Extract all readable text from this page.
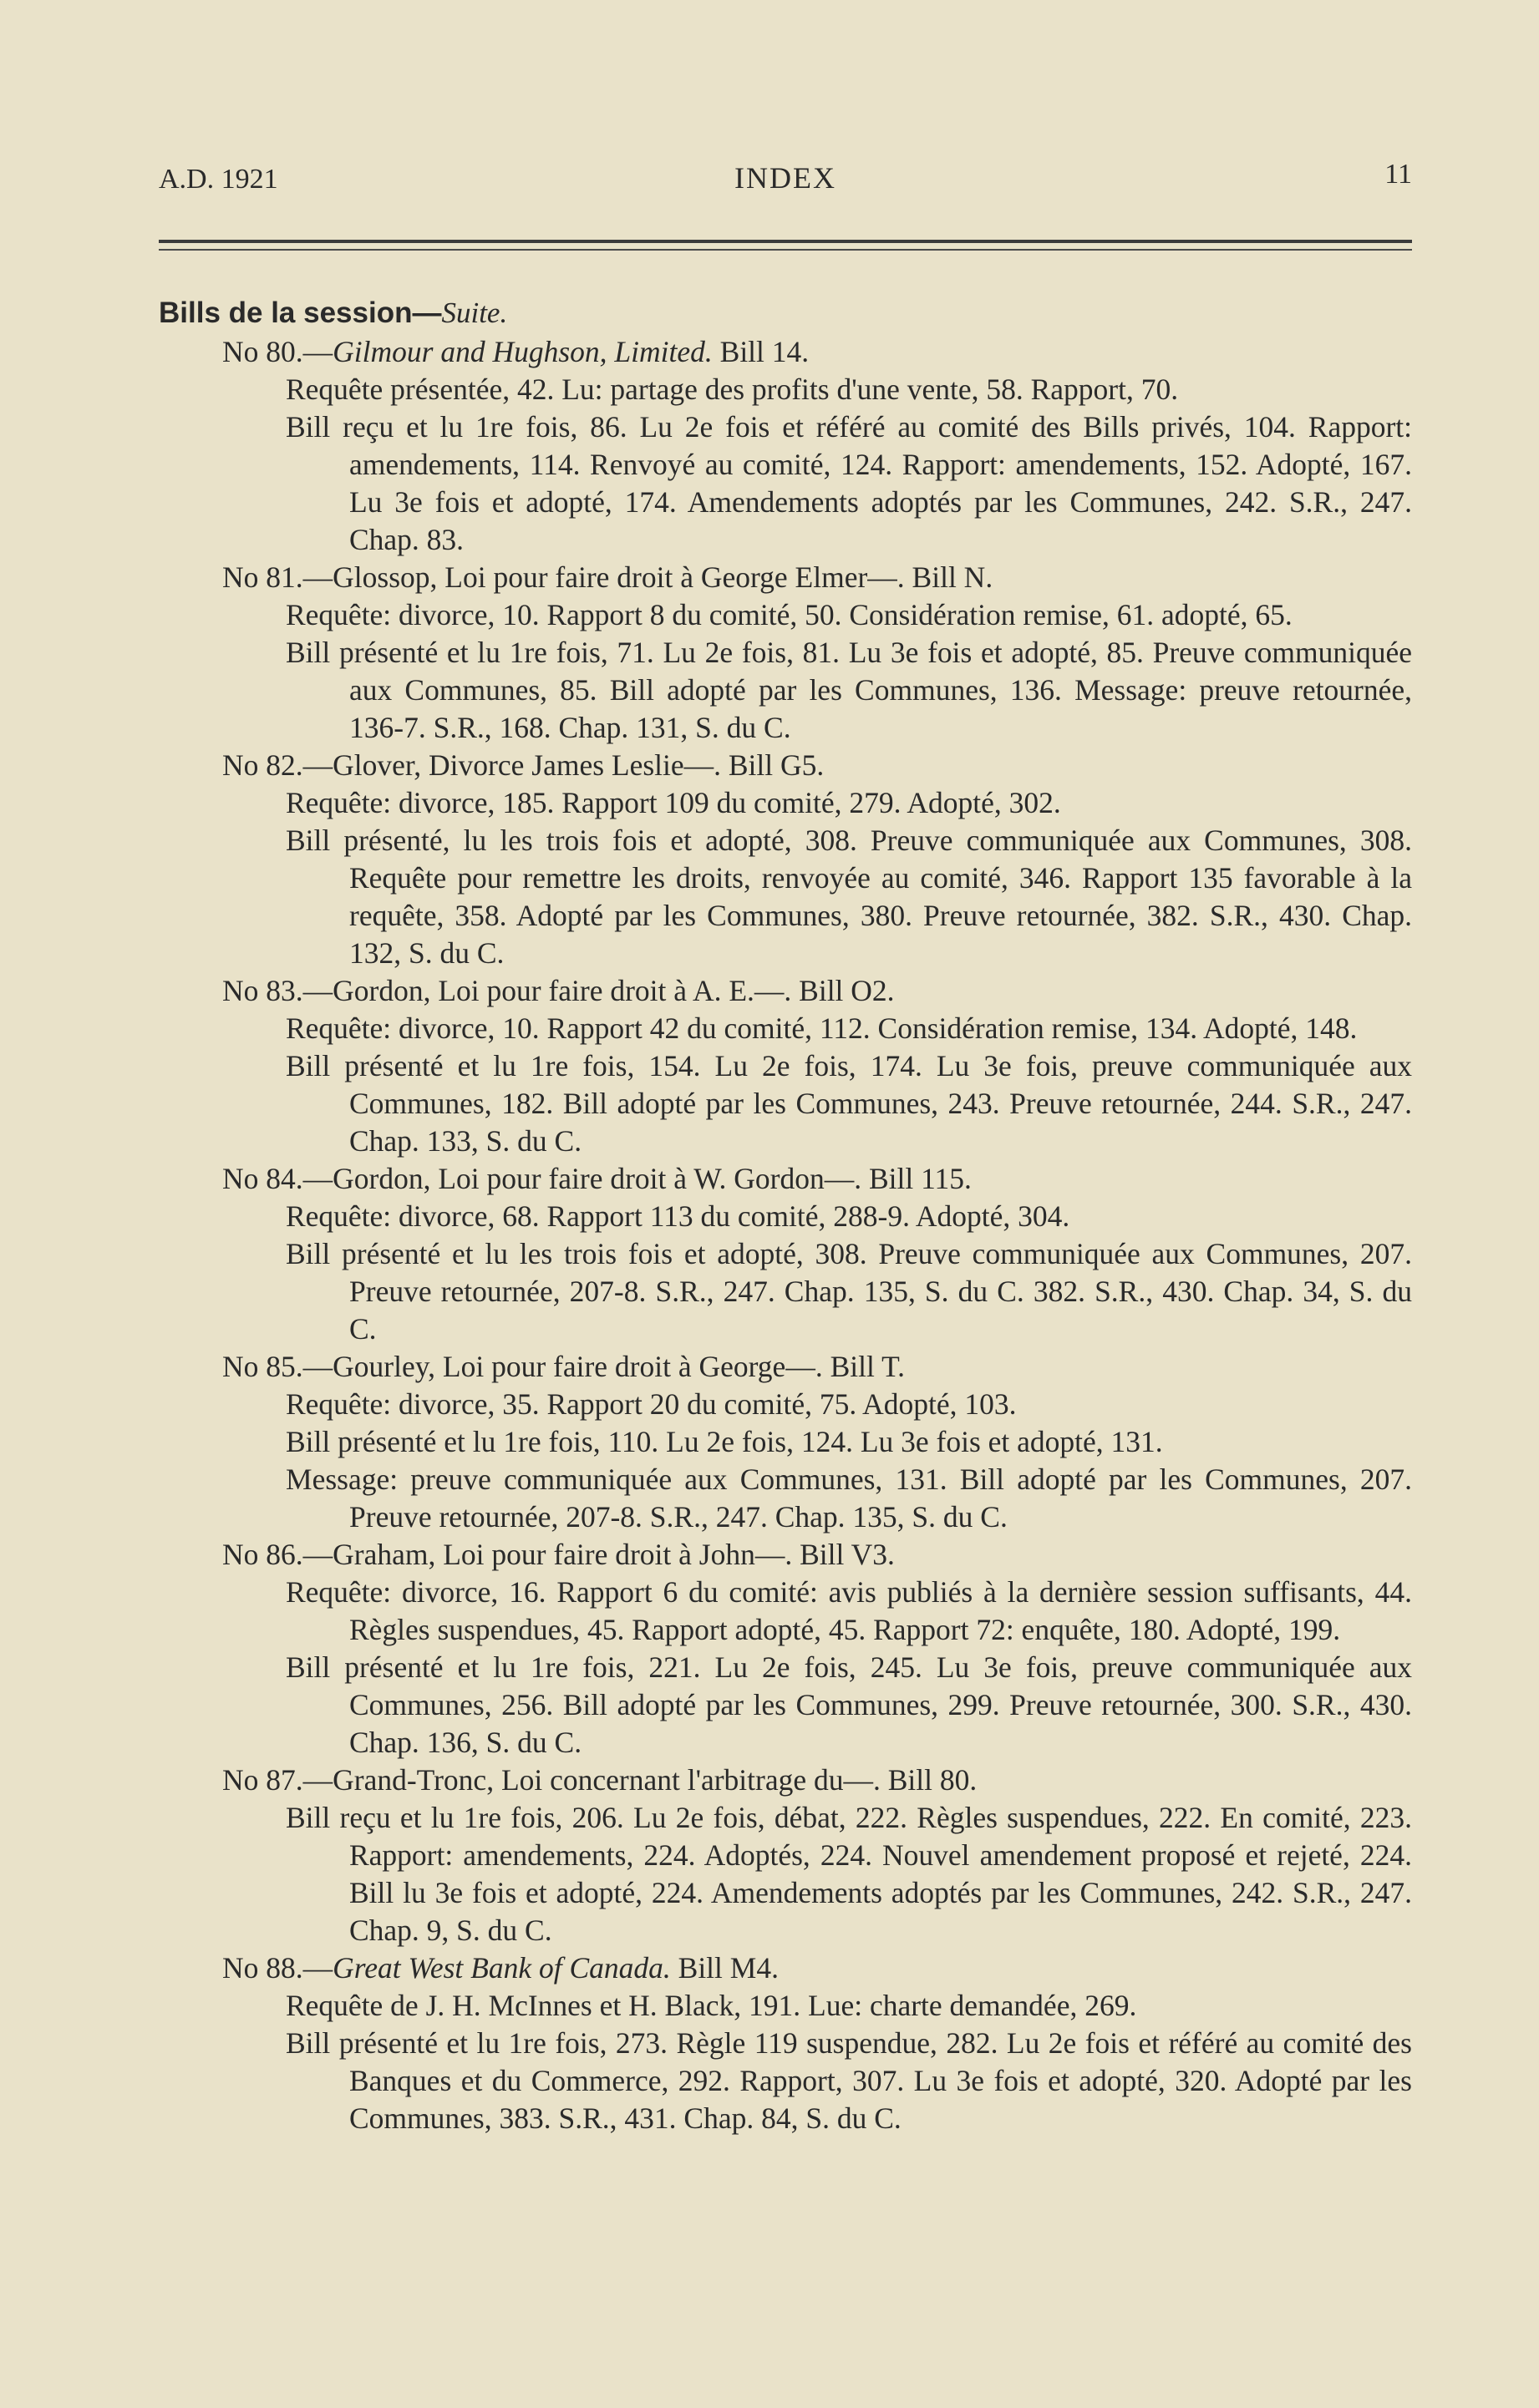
A.D. 1921	INDEX	11
Bills de la session—Suite.
No 80.—Gilmour and Hughson, Limited. Bill 14.
Requête présentée, 42. Lu: partage des profits d'une vente, 58. Rapport, 70.
Bill reçu et lu 1re fois, 86. Lu 2e fois et référé au comité des Bills privés, 104. Rapport: amendements, 114. Renvoyé au comité, 124. Rapport: amendements, 152. Adopté, 167. Lu 3e fois et adopté, 174. Amendements adoptés par les Communes, 242. S.R., 247. Chap. 83.
No 81.—Glossop, Loi pour faire droit à George Elmer—. Bill N.
Requête: divorce, 10. Rapport 8 du comité, 50. Considération remise, 61. adopté, 65.
Bill présenté et lu 1re fois, 71. Lu 2e fois, 81. Lu 3e fois et adopté, 85. Preuve communiquée aux Communes, 85. Bill adopté par les Communes, 136. Message: preuve retournée, 136-7. S.R., 168. Chap. 131, S. du C.
No 82.—Glover, Divorce James Leslie—. Bill G5.
Requête: divorce, 185. Rapport 109 du comité, 279. Adopté, 302.
Bill présenté, lu les trois fois et adopté, 308. Preuve communiquée aux Communes, 308. Requête pour remettre les droits, renvoyée au comité, 346. Rapport 135 favorable à la requête, 358. Adopté par les Communes, 380. Preuve retournée, 382. S.R., 430. Chap. 132, S. du C.
No 83.—Gordon, Loi pour faire droit à A. E.—. Bill O2.
Requête: divorce, 10. Rapport 42 du comité, 112. Considération remise, 134. Adopté, 148.
Bill présenté et lu 1re fois, 154. Lu 2e fois, 174. Lu 3e fois, preuve communiquée aux Communes, 182. Bill adopté par les Communes, 243. Preuve retournée, 244. S.R., 247. Chap. 133, S. du C.
No 84.—Gordon, Loi pour faire droit à W. Gordon—. Bill 115.
Requête: divorce, 68. Rapport 113 du comité, 288-9. Adopté, 304.
Bill présenté et lu les trois fois et adopté, 308. Preuve communiquée aux Communes, 207. Preuve retournée, 207-8. S.R., 247. Chap. 135, S. du C. 382. S.R., 430. Chap. 34, S. du C.
No 85.—Gourley, Loi pour faire droit à George—. Bill T.
Requête: divorce, 35. Rapport 20 du comité, 75. Adopté, 103.
Bill présenté et lu 1re fois, 110. Lu 2e fois, 124. Lu 3e fois et adopté, 131.
Message: preuve communiquée aux Communes, 131. Bill adopté par les Communes, 207. Preuve retournée, 207-8. S.R., 247. Chap. 135, S. du C.
No 86.—Graham, Loi pour faire droit à John—. Bill V3.
Requête: divorce, 16. Rapport 6 du comité: avis publiés à la dernière session suffisants, 44. Règles suspendues, 45. Rapport adopté, 45. Rapport 72: enquête, 180. Adopté, 199.
Bill présenté et lu 1re fois, 221. Lu 2e fois, 245. Lu 3e fois, preuve communiquée aux Communes, 256. Bill adopté par les Communes, 299. Preuve retournée, 300. S.R., 430. Chap. 136, S. du C.
No 87.—Grand-Tronc, Loi concernant l'arbitrage du—. Bill 80.
Bill reçu et lu 1re fois, 206. Lu 2e fois, débat, 222. Règles suspendues, 222. En comité, 223. Rapport: amendements, 224. Adoptés, 224. Nouvel amendement proposé et rejeté, 224. Bill lu 3e fois et adopté, 224. Amendements adoptés par les Communes, 242. S.R., 247. Chap. 9, S. du C.
No 88.—Great West Bank of Canada. Bill M4.
Requête de J. H. McInnes et H. Black, 191. Lue: charte demandée, 269.
Bill présenté et lu 1re fois, 273. Règle 119 suspendue, 282. Lu 2e fois et référé au comité des Banques et du Commerce, 292. Rapport, 307. Lu 3e fois et adopté, 320. Adopté par les Communes, 383. S.R., 431. Chap. 84, S. du C.
